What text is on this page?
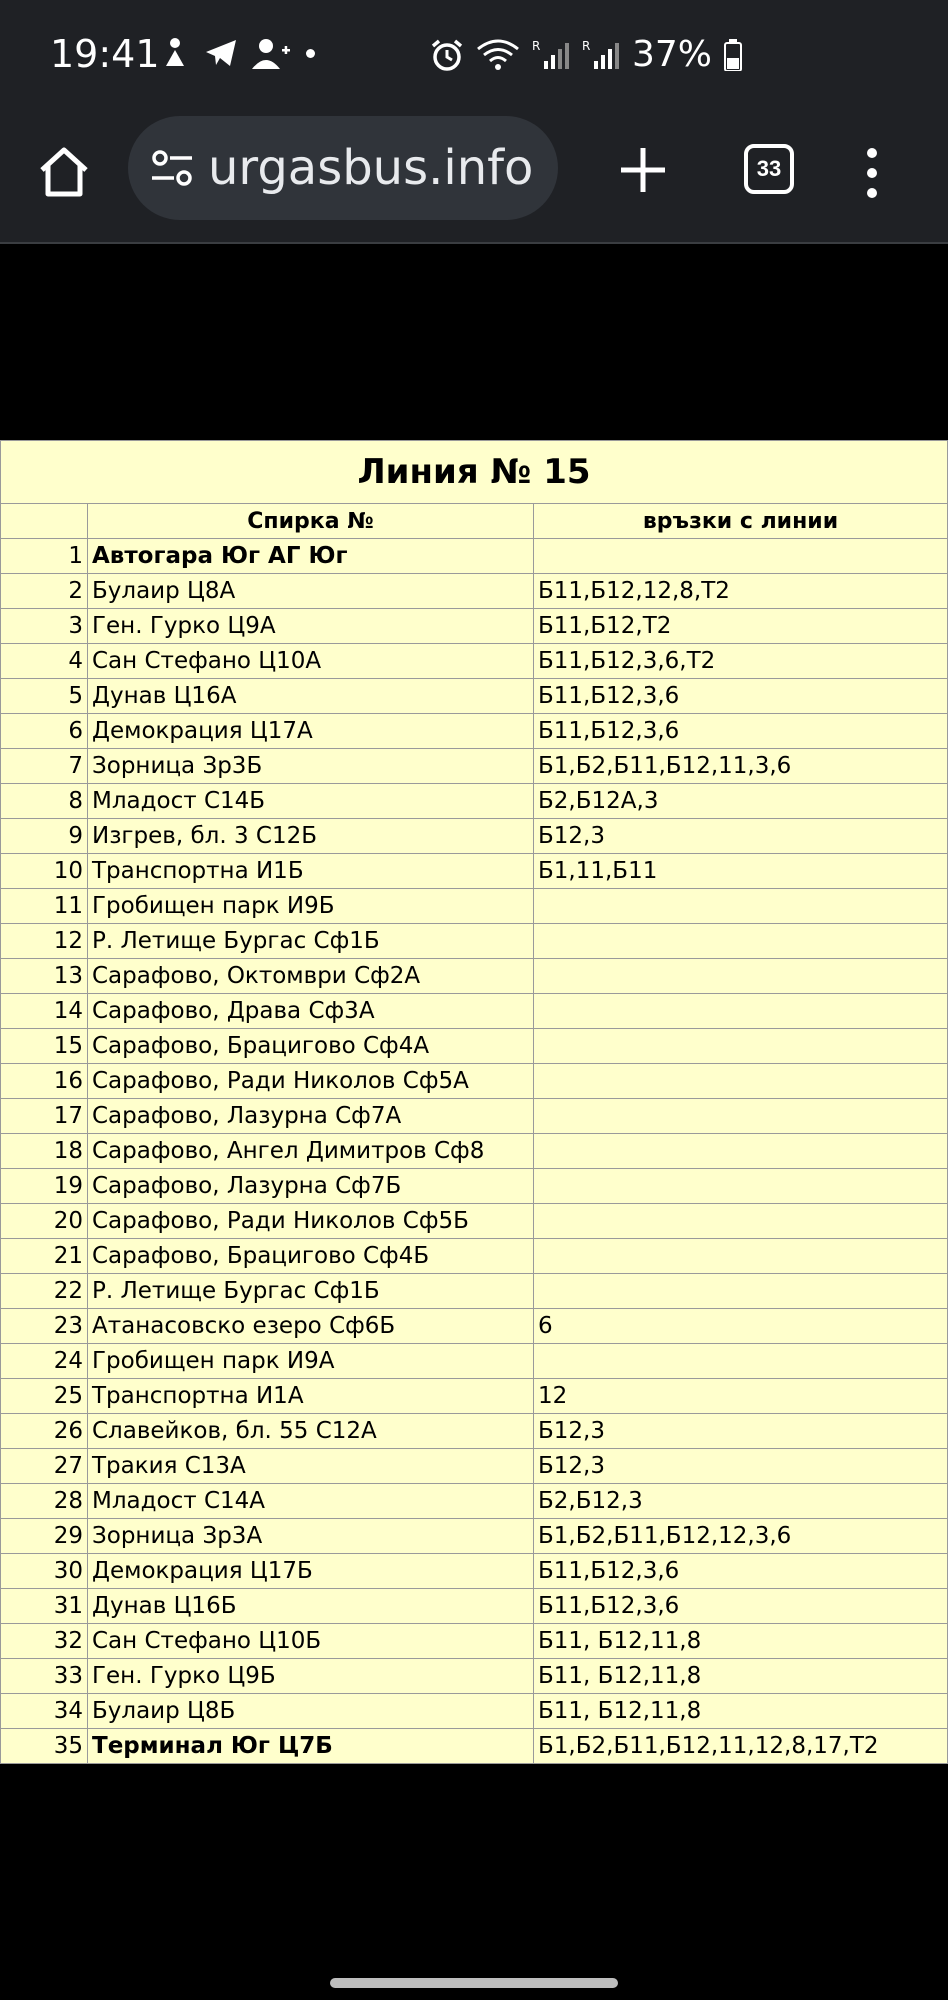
19:41	R	R 37%
urgasbus.info	33
Линия № 15		
	Спирка №	връзки с линии
1	Автогара Юг АГ Юг	
2	Булаир Ц8А	Б11,Б12,12,8,Т2
3	Ген. Гурко Ц9А	Б11,Б12,Т2
4	Сан Стефано Ц10А	Б11,Б12,3,6,Т2
5	Дунав Ц16А	Б11,Б12,3,6
6	Демокрация Ц17А	Б11,Б12,3,6
7	Зорница Зр3Б	Б1,Б2,Б11,Б12,11,3,6
8	Младост С14Б	Б2,Б12А,3
9	Изгрев, бл. 3 С12Б	Б12,3
10	Транспортна И1Б	Б1,11,Б11
11	Гробищен парк И9Б	
12	Р. Летище Бургас Сф1Б	
13	Сарафово, Октомври Сф2А	
14	Сарафово, Драва Сф3А	
15	Сарафово, Брацигово Сф4А	
16	Сарафово, Ради Николов Сф5А	
17	Сарафово, Лазурна Сф7А	
18	Сарафово, Ангел Димитров Сф8	
19	Сарафово, Лазурна Сф7Б	
20	Сарафово, Ради Николов Сф5Б	
21	Сарафово, Брацигово Сф4Б	
22	Р. Летище Бургас Сф1Б	
23	Атанасовско езеро Сф6Б	6
24	Гробищен парк И9А	
25	Транспортна И1А	12
26	Славейков, бл. 55 С12А	Б12,3
27	Тракия С13А	Б12,3
28	Младост С14А	Б2,Б12,3
29	Зорница Зр3А	Б1,Б2,Б11,Б12,12,3,6
30	Демокрация Ц17Б	Б11,Б12,3,6
31	Дунав Ц16Б	Б11,Б12,3,6
32	Сан Стефано Ц10Б	Б11, Б12,11,8
33	Ген. Гурко Ц9Б	Б11, Б12,11,8
34	Булаир Ц8Б	Б11, Б12,11,8
35	Терминал Юг Ц7Б	Б1,Б2,Б11,Б12,11,12,8,17,Т2
